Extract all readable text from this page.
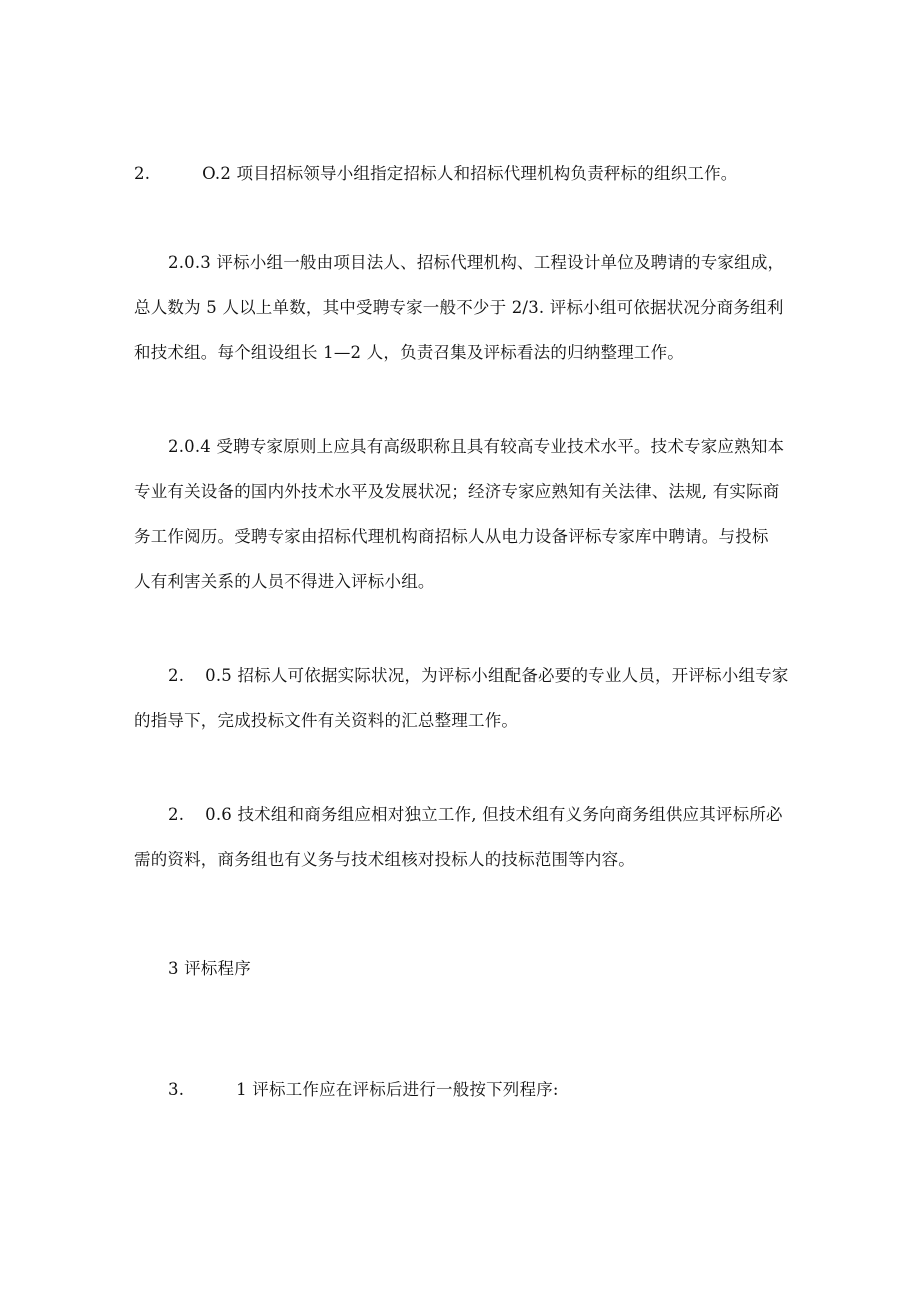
2.	O.2 项目招标领导小组指定招标人和招标代理机构负责秤标的组织工作。
2.0.3 评标小组一般由项目法人、招标代理机构、工程设计单位及聘请的专家组成，
总人数为 5 人以上单数，其中受聘专家一般不少于 2/3. 评标小组可依据状况分商务组利
和技术组。每个组设组长 1—2 人，负责召集及评标看法的归纳整理工作。
2.0.4 受聘专家原则上应具有高级职称且具有较高专业技术水平。技术专家应熟知本
专业有关设备的国内外技术水平及发展状况；经济专家应熟知有关法律、法规, 有实际商
务工作阅历。受聘专家由招标代理机构商招标人从电力设备评标专家库中聘请。与投标
人有利害关系的人员不得进入评标小组。
2. 0.5 招标人可依据实际状况，为评标小组配备必要的专业人员，开评标小组专家
的指导下，完成投标文件有关资料的汇总整理工作。
2. 0.6 技术组和商务组应相对独立工作, 但技术组有义务向商务组供应其评标所必
需的资料，商务组也有义务与技术组核对投标人的技标范围等内容。
3 评标程序
3.	1 评标工作应在评标后进行一般按下列程序:
